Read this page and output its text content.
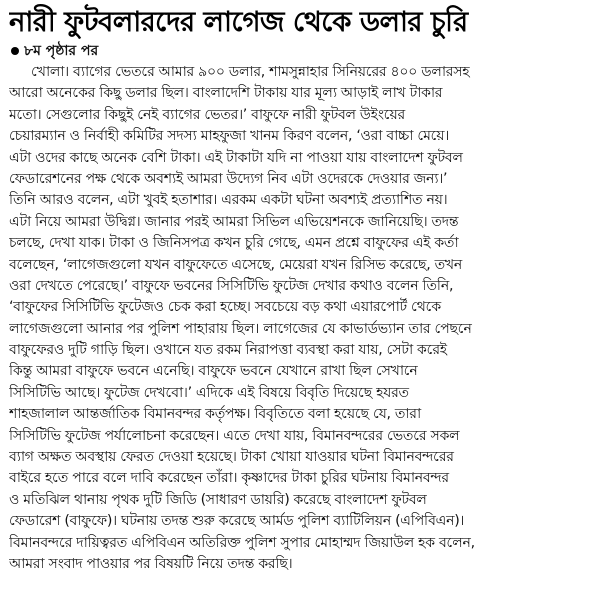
নারী ফুটবলারদের লাগেজ থেকে ডলার চুরি
৮ম পৃষ্ঠার পর
খোলা। ব্যাগের ভেতরে আমার ৯০০ ডলার, শামসুন্নাহার সিনিয়রের ৪০০ ডলারসহ
আরো অনেকের কিছু ডলার ছিল। বাংলাদেশি টাকায় যার মূল্য আড়াই লাখ টাকার
মতো। সেগুলোর কিছুই নেই ব্যাগের ভেতর।’ বাফুফে নারী ফুটবল উইংয়ের
চেয়ারম্যান ও নির্বাহী কমিটির সদস্য মাহফুজা খানম কিরণ বলেন, ‘ওরা বাচ্চা মেয়ে।
এটা ওদের কাছে অনেক বেশি টাকা। এই টাকাটা যদি না পাওয়া যায় বাংলাদেশ ফুটবল
ফেডারেশনের পক্ষ থেকে অবশ্যই আমরা উদ্যেগ নিব এটা ওদেরকে দেওয়ার জন্য।’
তিনি আরও বলেন, এটা খুবই হতাশার। এরকম একটা ঘটনা অবশ্যই প্রত্যাশিত নয়।
এটা নিয়ে আমরা উদ্বিগ্ন। জানার পরই আমরা সিভিল এভিয়েশনকে জানিয়েছি। তদন্ত
চলছে, দেখা যাক। টাকা ও জিনিসপত্র কখন চুরি গেছে, এমন প্রশ্নে বাফুফের এই কর্তা
বলেছেন, ‘লাগেজগুলো যখন বাফুফেতে এসেছে, মেয়েরা যখন রিসিভ করেছে, তখন
ওরা দেখতে পেরেছে।’ বাফুফে ভবনের সিসিটিভি ফুটেজ দেখার কথাও বলেন তিনি,
‘বাফুফের সিসিটিভি ফুটেজও চেক করা হচ্ছে। সবচেয়ে বড় কথা এয়ারপোর্ট থেকে
লাগেজগুলো আনার পর পুলিশ পাহারায় ছিল। লাগেজের যে কাভার্ডভ্যান তার পেছনে
বাফুফেরও দুটি গাড়ি ছিল। ওখানে যত রকম নিরাপত্তা ব্যবস্থা করা যায়, সেটা করেই
কিন্তু আমরা বাফুফে ভবনে এনেছি। বাফুফে ভবনে যেখানে রাখা ছিল সেখানে
সিসিটিভি আছে। ফুটেজ দেখবো।’ এদিকে এই বিষয়ে বিবৃতি দিয়েছে হযরত
শাহজালাল আন্তর্জাতিক বিমানবন্দর কর্তৃপক্ষ। বিবৃতিতে বলা হয়েছে যে, তারা
সিসিটিভি ফুটেজ পর্যালোচনা করেছেন। এতে দেখা যায়, বিমানবন্দরের ভেতরে সকল
ব্যাগ অক্ষত অবস্থায় ফেরত দেওয়া হয়েছে। টাকা খোয়া যাওয়ার ঘটনা বিমানবন্দরের
বাইরে হতে পারে বলে দাবি করেছেন তাঁরা। কৃষ্ণাদের টাকা চুরির ঘটনায় বিমানবন্দর
ও মতিঝিল থানায় পৃথক দুটি জিডি (সাধারণ ডায়রি) করেছে বাংলাদেশ ফুটবল
ফেডারেশ (বাফুফে)। ঘটনায় তদন্ত শুরু করেছে আর্মড পুলিশ ব্যাটিলিয়ন (এপিবিএন)।
বিমানবন্দরে দায়িত্বরত এপিবিএন অতিরিক্ত পুলিশ সুপার মোহাম্মদ জিয়াউল হক বলেন,
আমরা সংবাদ পাওয়ার পর বিষয়টি নিয়ে তদন্ত করছি।
